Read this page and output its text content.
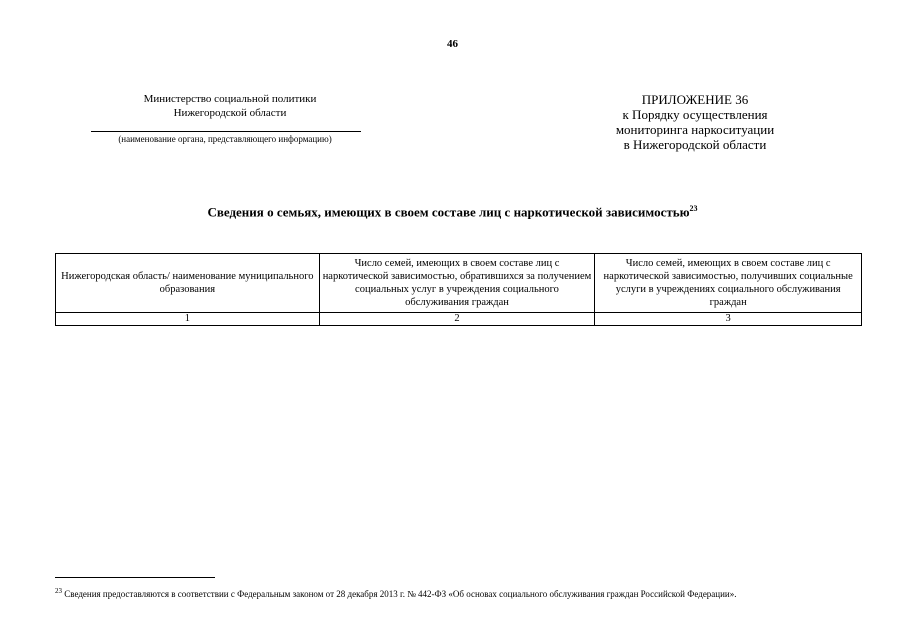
46
Министерство социальной политики
Нижегородской области
(наименование органа, представляющего информацию)
ПРИЛОЖЕНИЕ 36
к Порядку осуществления
мониторинга наркоситуации
в Нижегородской области
Сведения о семьях, имеющих в своем составе лиц с наркотической зависимостью$^{23}$
Нижегородская область/ наименование муниципального образования	Число семей, имеющих в своем составе лиц с наркотической зависимостью, обратившихся за получением социальных услуг в учреждения социального обслуживания граждан	Число семей, имеющих в своем составе лиц с наркотической зависимостью, получивших социальные услуги в учреждениях социального обслуживания граждан
1	2	3
$^{23}$ Сведения предоставляются в соответствии с Федеральным законом от 28 декабря 2013 г. № 442-ФЗ «Об основах социального обслуживания граждан Российской Федерации».
